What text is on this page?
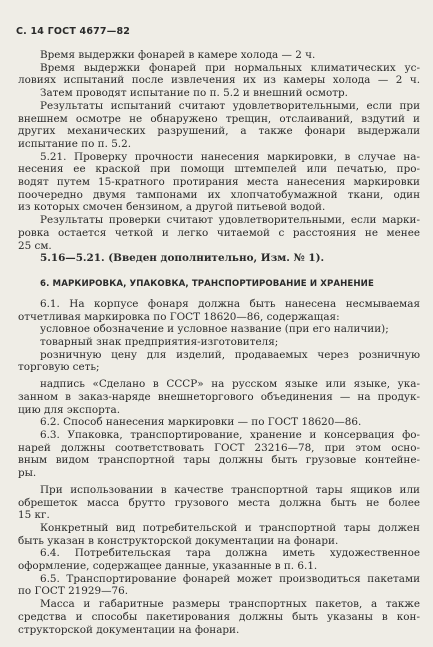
С. 14 ГОСТ 4677—82
Время выдержки фонарей в камере холода — 2 ч.
Время выдержки фонарей при нормальных климатических ус-
ловиях испытаний после извлечения их из камеры холода — 2 ч.
Затем проводят испытание по п. 5.2 и внешний осмотр.
Результаты испытаний считают удовлетворительными, если при
внешнем осмотре не обнаружено трещин, отслаиваний, вздутий и
других механических разрушений, а также фонари выдержали
испытание по п. 5.2.
5.21. Проверку прочности нанесения маркировки, в случае на-
несения ее краской при помощи штемпелей или печатью, про-
водят путем 15-кратного протирания места нанесения маркировки
поочередно двумя тампонами их хлопчатобумажной ткани, один
из которых смочен бензином, а другой питьевой водой.
Результаты проверки считают удовлетворительными, если марки-
ровка остается четкой и легко читаемой с расстояния не менее
25 см.
5.16—5.21. (Введен дополнительно, Изм. № 1).
6. МАРКИРОВКА, УПАКОВКА, ТРАНСПОРТИРОВАНИЕ И ХРАНЕНИЕ
6.1. На корпусе фонаря должна быть нанесена несмываемая
отчетливая маркировка по ГОСТ 18620—86, содержащая:
условное обозначение и условное название (при его наличии);
товарный знак предприятия-изготовителя;
розничную цену для изделий, продаваемых через розничную
торговую сеть;
надпись «Сделано в СССР» на русском языке или языке, ука-
занном в заказ-наряде внешнеторгового объединения — на продук-
цию для экспорта.
6.2. Способ нанесения маркировки — по ГОСТ 18620—86.
6.3. Упаковка, транспортирование, хранение и консервация фо-
нарей должны соответствовать ГОСТ 23216—78, при этом осно-
вным видом транспортной тары должны быть грузовые контейне-
ры.
При использовании в качестве транспортной тары ящиков или
обрешеток масса брутто грузового места должна быть не более
15 кг.
Конкретный вид потребительской и транспортной тары должен
быть указан в конструкторской документации на фонари.
6.4. Потребительская тара должна иметь художественное
оформление, содержащее данные, указанные в п. 6.1.
6.5. Транспортирование фонарей может производиться пакетами
по ГОСТ 21929—76.
Масса и габаритные размеры транспортных пакетов, а также
средства и способы пакетирования должны быть указаны в кон-
структорской документации на фонари.
